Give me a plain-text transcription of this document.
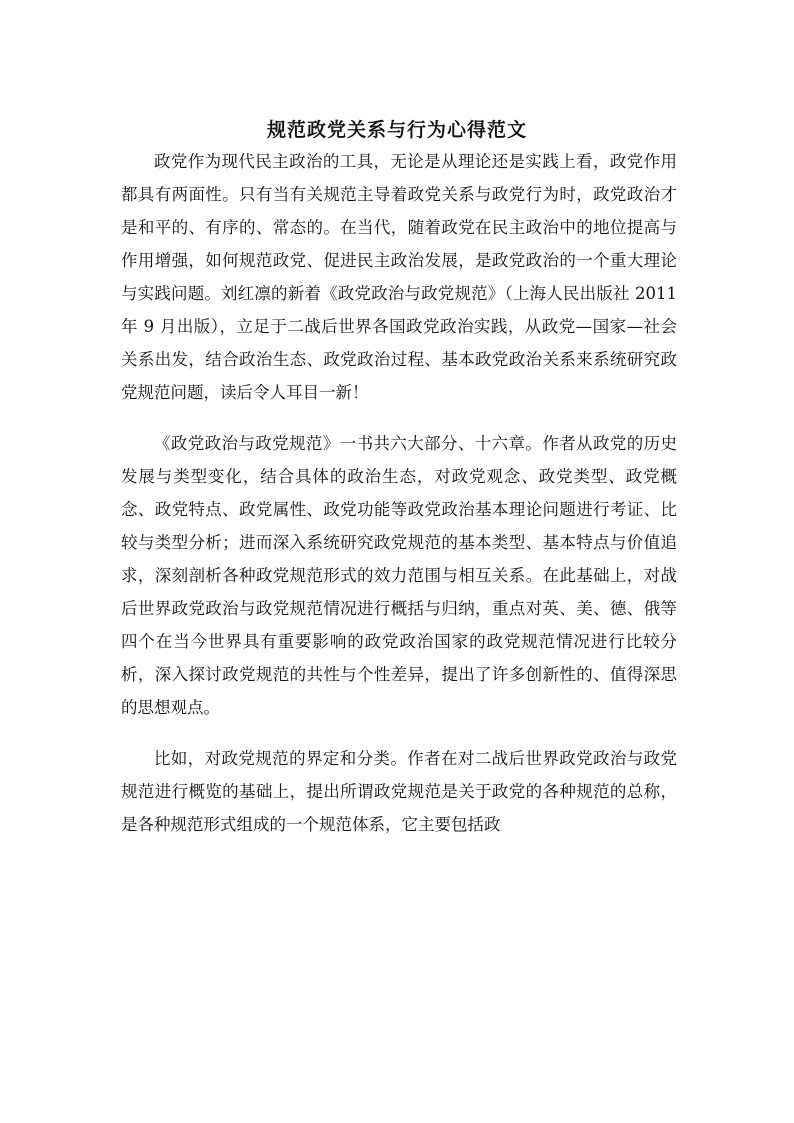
规范政党关系与行为心得范文

政党作为现代民主政治的工具，无论是从理论还是实践上看，政党作用都具有两面性。只有当有关规范主导着政党关系与政党行为时，政党政治才是和平的、有序的、常态的。在当代，随着政党在民主政治中的地位提高与作用增强，如何规范政党、促进民主政治发展，是政党政治的一个重大理论与实践问题。刘红凛的新着《政党政治与政党规范》（上海人民出版社 2011 年 9 月出版），立足于二战后世界各国政党政治实践，从政党—国家—社会关系出发，结合政治生态、政党政治过程、基本政党政治关系来系统研究政党规范问题，读后令人耳目一新！

《政党政治与政党规范》一书共六大部分、十六章。作者从政党的历史发展与类型变化，结合具体的政治生态，对政党观念、政党类型、政党概念、政党特点、政党属性、政党功能等政党政治基本理论问题进行考证、比较与类型分析；进而深入系统研究政党规范的基本类型、基本特点与价值追求，深刻剖析各种政党规范形式的效力范围与相互关系。在此基础上，对战后世界政党政治与政党规范情况进行概括与归纳，重点对英、美、德、俄等四个在当今世界具有重要影响的政党政治国家的政党规范情况进行比较分析，深入探讨政党规范的共性与个性差异，提出了许多创新性的、值得深思的思想观点。

比如，对政党规范的界定和分类。作者在对二战后世界政党政治与政党规范进行概览的基础上，提出所谓政党规范是关于政党的各种规范的总称，是各种规范形式组成的一个规范体系，它主要包括政
